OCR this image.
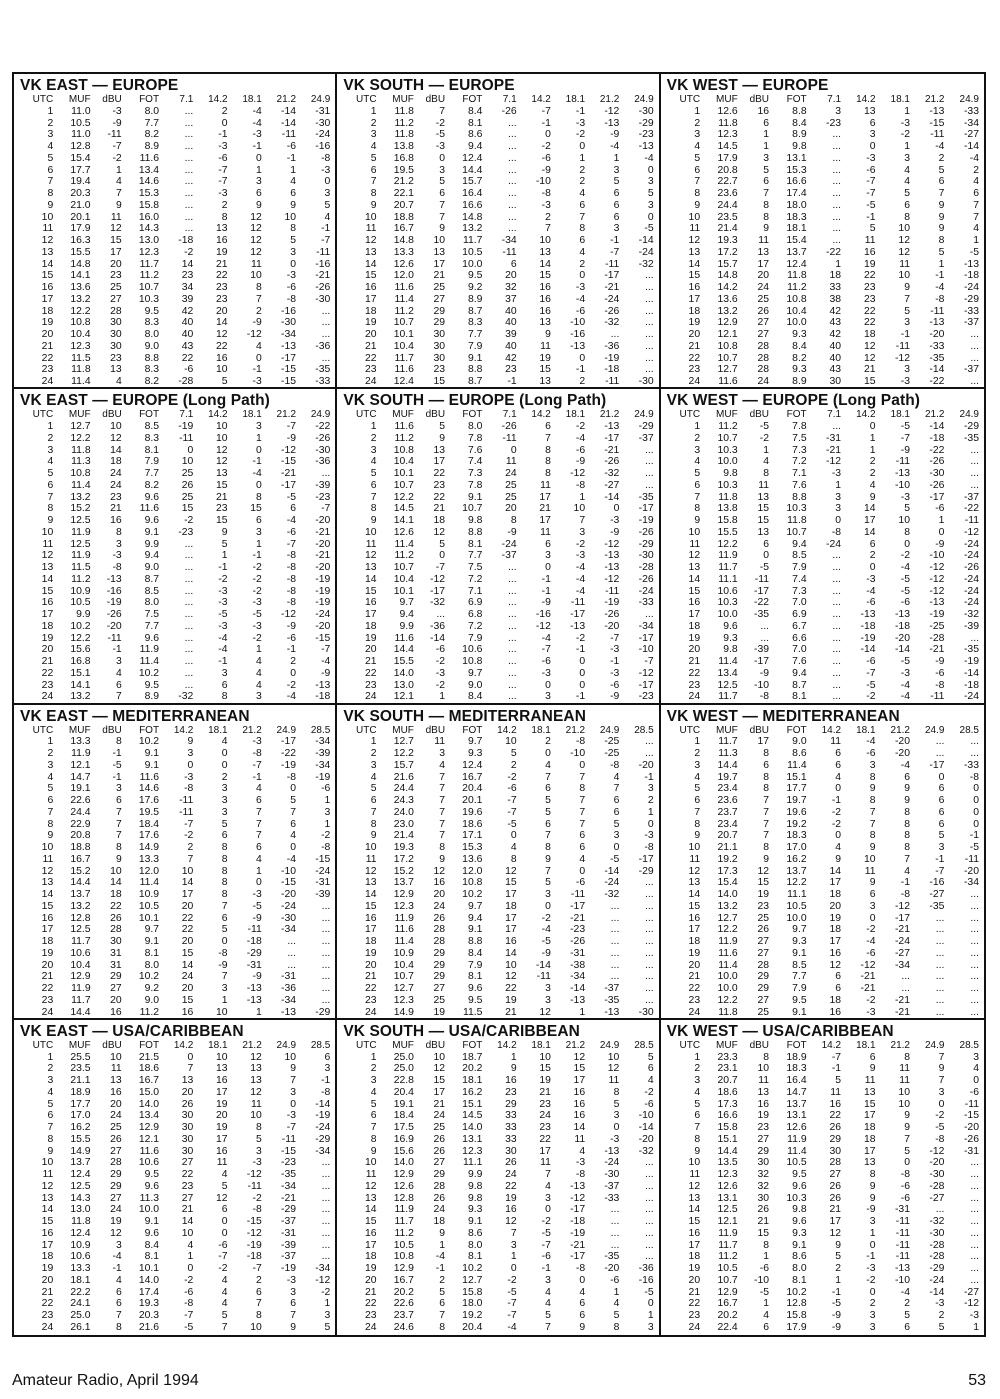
VK EAST — EUROPE
UTC	MUF	dBU	FOT	7.1	14.2	18.1	21.2	24.9
1	11.0	-3	8.0	...	2	-4	-14	-31
2	10.5	-9	7.7	...	0	-4	-14	-30
3	11.0	-11	8.2	...	-1	-3	-11	-24
4	12.8	-7	8.9	...	-3	-1	-6	-16
5	15.4	-2	11.6	...	-6	0	-1	-8
6	17.7	1	13.4	...	-7	1	1	-3
7	19.4	4	14.6	...	-7	3	4	0
8	20.3	7	15.3	...	-3	6	6	3
9	21.0	9	15.8	...	2	9	9	5
10	20.1	11	16.0	...	8	12	10	4
11	17.9	12	14.3	...	13	12	8	-1
12	16.3	15	13.0	-18	16	12	5	-7
13	15.5	17	12.3	-2	19	12	3	-11
14	14.8	20	11.7	14	21	11	0	-16
15	14.1	23	11.2	23	22	10	-3	-21
16	13.6	25	10.7	34	23	8	-6	-26
17	13.2	27	10.3	39	23	7	-8	-30
18	12.2	28	9.5	42	20	2	-16	...
19	10.8	30	8.3	40	14	-9	-30	...
20	10.4	30	8.0	40	12	-12	-34	...
21	12.3	30	9.0	43	22	4	-13	-36
22	11.5	23	8.8	22	16	0	-17	...
23	11.8	13	8.3	-6	10	-1	-15	-35
24	11.4	4	8.2	-28	5	-3	-15	-33
VK SOUTH — EUROPE
UTC	MUF	dBU	FOT	7.1	14.2	18.1	21.2	24.9
1	11.8	7	8.4	-26	-7	-1	-12	-30
2	11.2	-2	8.1	...	-1	-3	-13	-29
3	11.8	-5	8.6	...	0	-2	-9	-23
4	13.8	-3	9.4	...	-2	0	-4	-13
5	16.8	0	12.4	...	-6	1	1	-4
6	19.5	3	14.4	...	-9	2	3	0
7	21.2	5	15.7	...	-10	2	5	3
8	22.1	6	16.4	...	-8	4	6	5
9	20.7	7	16.6	...	-3	6	6	3
10	18.8	7	14.8	...	2	7	6	0
11	16.7	9	13.2	...	7	8	3	-5
12	14.8	10	11.7	-34	10	6	-1	-14
13	13.3	13	10.5	-11	13	4	-7	-24
14	12.6	17	10.0	6	14	2	-11	-32
15	12.0	21	9.5	20	15	0	-17	...
16	11.6	25	9.2	32	16	-3	-21	...
17	11.4	27	8.9	37	16	-4	-24	...
18	11.2	29	8.7	40	16	-6	-26	...
19	10.7	29	8.3	40	13	-10	-32	...
20	10.1	30	7.7	39	9	-16	...	...
21	10.4	30	7.9	40	11	-13	-36	...
22	11.7	30	9.1	42	19	0	-19	...
23	11.6	23	8.8	23	15	-1	-18	...
24	12.4	15	8.7	-1	13	2	-11	-30
VK WEST — EUROPE
UTC	MUF	dBU	FOT	7.1	14.2	18.1	21.2	24.9
1	12.6	16	8.8	3	13	1	-13	-33
2	11.8	6	8.4	-23	6	-3	-15	-34
3	12.3	1	8.9	...	3	-2	-11	-27
4	14.5	1	9.8	...	0	1	-4	-14
5	17.9	3	13.1	...	-3	3	2	-4
6	20.8	5	15.3	...	-6	4	5	2
7	22.7	6	16.6	...	-7	4	6	4
8	23.6	7	17.4	...	-7	5	7	6
9	24.4	8	18.0	...	-5	6	9	7
10	23.5	8	18.3	...	-1	8	9	7
11	21.4	9	18.1	...	5	10	9	4
12	19.3	11	15.4	...	11	12	8	1
13	17.2	13	13.7	-22	16	12	5	-5
14	15.7	17	12.4	1	19	11	1	-13
15	14.8	20	11.8	18	22	10	-1	-18
16	14.2	24	11.2	33	23	9	-4	-24
17	13.6	25	10.8	38	23	7	-8	-29
18	13.2	26	10.4	42	22	5	-11	-33
19	12.9	27	10.0	43	22	3	-13	-37
20	12.1	27	9.3	42	18	-1	-20	...
21	10.8	28	8.4	40	12	-11	-33	...
22	10.7	28	8.2	40	12	-12	-35	...
23	12.7	28	9.3	43	21	3	-14	-37
24	11.6	24	8.9	30	15	-3	-22	...
VK EAST — EUROPE (Long Path)
UTC	MUF	dBU	FOT	7.1	14.2	18.1	21.2	24.9
1	12.7	10	8.5	-19	10	3	-7	-22
2	12.2	12	8.3	-11	10	1	-9	-26
3	11.8	14	8.1	0	12	0	-12	-30
4	11.3	18	7.9	10	12	-1	-15	-36
5	10.8	24	7.7	25	13	-4	-21	...
6	11.4	24	8.2	26	15	0	-17	-39
7	13.2	23	9.6	25	21	8	-5	-23
8	15.2	21	11.6	15	23	15	6	-7
9	12.5	16	9.6	-2	15	6	-4	-20
10	11.9	8	9.1	-23	9	3	-6	-21
11	12.5	3	9.9	...	5	1	-7	-20
12	11.9	-3	9.4	...	1	-1	-8	-21
13	11.5	-8	9.0	...	-1	-2	-8	-20
14	11.2	-13	8.7	...	-2	-2	-8	-19
15	10.9	-16	8.5	...	-3	-2	-8	-19
16	10.5	-19	8.0	...	-3	-3	-8	-19
17	9.9	-26	7.5	...	-5	-5	-12	-24
18	10.2	-20	7.7	...	-3	-3	-9	-20
19	12.2	-11	9.6	...	-4	-2	-6	-15
20	15.6	-1	11.9	...	-4	1	-1	-7
21	16.8	3	11.4	...	-1	4	2	-4
22	15.1	4	10.2	...	3	4	0	-9
23	14.1	6	9.5	...	6	4	-2	-13
24	13.2	7	8.9	-32	8	3	-4	-18
VK SOUTH — EUROPE (Long Path)
UTC	MUF	dBU	FOT	7.1	14.2	18.1	21.2	24.9
1	11.6	5	8.0	-26	6	-2	-13	-29
2	11.2	9	7.8	-11	7	-4	-17	-37
3	10.8	13	7.6	0	8	-6	-21	...
4	10.4	17	7.4	11	8	-9	-26	...
5	10.1	22	7.3	24	8	-12	-32	...
6	10.7	23	7.8	25	11	-8	-27	...
7	12.2	22	9.1	25	17	1	-14	-35
8	14.5	21	10.7	20	21	10	0	-17
9	14.1	18	9.8	8	17	7	-3	-19
10	12.6	12	8.8	-9	11	3	-9	-26
11	11.4	5	8.1	-24	6	-2	-12	-29
12	11.2	0	7.7	-37	3	-3	-13	-30
13	10.7	-7	7.5	...	0	-4	-13	-28
14	10.4	-12	7.2	...	-1	-4	-12	-26
15	10.1	-17	7.1	...	-1	-4	-11	-24
16	9.7	-32	6.9	...	-9	-11	-19	-33
17	9.4	...	6.8	...	-16	-17	-26	...
18	9.9	-36	7.2	...	-12	-13	-20	-34
19	11.6	-14	7.9	...	-4	-2	-7	-17
20	14.4	-6	10.6	...	-7	-1	-3	-10
21	15.5	-2	10.8	...	-6	0	-1	-7
22	14.0	-3	9.7	...	-3	0	-3	-12
23	13.0	-2	9.0	...	0	0	-6	-17
24	12.1	1	8.4	...	3	-1	-9	-23
VK WEST — EUROPE (Long Path)
UTC	MUF	dBU	FOT	7.1	14.2	18.1	21.2	24.9
1	11.2	-5	7.8	...	0	-5	-14	-29
2	10.7	-2	7.5	-31	1	-7	-18	-35
3	10.3	1	7.3	-21	1	-9	-22	...
4	10.0	4	7.2	-12	2	-11	-26	...
5	9.8	8	7.1	-3	2	-13	-30	...
6	10.3	11	7.6	1	4	-10	-26	...
7	11.8	13	8.8	3	9	-3	-17	-37
8	13.8	15	10.3	3	14	5	-6	-22
9	15.8	15	11.8	0	17	10	1	-11
10	15.5	13	10.7	-8	14	8	0	-12
11	12.2	6	9.4	-24	6	0	-9	-24
12	11.9	0	8.5	...	2	-2	-10	-24
13	11.7	-5	7.9	...	0	-4	-12	-26
14	11.1	-11	7.4	...	-3	-5	-12	-24
15	10.6	-17	7.3	...	-4	-5	-12	-24
16	10.3	-22	7.0	...	-6	-6	-13	-24
17	10.0	-35	6.9	...	-13	-13	-19	-32
18	9.6	...	6.7	...	-18	-18	-25	-39
19	9.3	...	6.6	...	-19	-20	-28	...
20	9.8	-39	7.0	...	-14	-14	-21	-35
21	11.4	-17	7.6	...	-6	-5	-9	-19
22	13.4	-9	9.4	...	-7	-3	-6	-14
23	12.5	-10	8.7	...	-5	-4	-8	-18
24	11.7	-8	8.1	...	-2	-4	-11	-24
VK EAST — MEDITERRANEAN
UTC	MUF	dBU	FOT	14.2	18.1	21.2	24.9	28.5
1	13.3	8	10.2	9	4	-3	-17	-34
2	11.9	-1	9.1	3	0	-8	-22	-39
3	12.1	-5	9.1	0	0	-7	-19	-34
4	14.7	-1	11.6	-3	2	-1	-8	-19
5	19.1	3	14.6	-8	3	4	0	-6
6	22.6	6	17.6	-11	3	6	5	1
7	24.4	7	19.5	-11	3	7	7	3
8	22.9	7	18.4	-7	5	7	6	1
9	20.8	7	17.6	-2	6	7	4	-2
10	18.8	8	14.9	2	8	6	0	-8
11	16.7	9	13.3	7	8	4	-4	-15
12	15.2	10	12.0	10	8	1	-10	-24
13	14.4	14	11.4	14	8	0	-15	-31
14	13.7	18	10.9	17	8	-3	-20	-39
15	13.2	22	10.5	20	7	-5	-24	...
16	12.8	26	10.1	22	6	-9	-30	...
17	12.5	28	9.7	22	5	-11	-34	...
18	11.7	30	9.1	20	0	-18	...	...
19	10.6	31	8.1	15	-8	-29	...	...
20	10.4	31	8.0	14	-9	-31	...	...
21	12.9	29	10.2	24	7	-9	-31	...
22	11.9	27	9.2	20	3	-13	-36	...
23	11.7	20	9.0	15	1	-13	-34	...
24	14.4	16	11.2	16	10	1	-13	-29
VK SOUTH — MEDITERRANEAN
UTC	MUF	dBU	FOT	14.2	18.1	21.2	24.9	28.5
1	12.7	11	9.7	10	2	-8	-25	...
2	12.2	3	9.3	5	0	-10	-25	...
3	15.7	4	12.4	2	4	0	-8	-20
4	21.6	7	16.7	-2	7	7	4	-1
5	24.4	7	20.4	-6	6	8	7	3
6	24.3	7	20.1	-7	5	7	6	2
7	24.0	7	19.6	-7	5	7	6	1
8	23.0	7	18.6	-5	6	7	5	0
9	21.4	7	17.1	0	7	6	3	-3
10	19.3	8	15.3	4	8	6	0	-8
11	17.2	9	13.6	8	9	4	-5	-17
12	15.2	12	12.0	12	7	0	-14	-29
13	13.7	16	10.8	15	5	-6	-24	...
14	12.9	20	10.2	17	3	-11	-32	...
15	12.3	24	9.7	18	0	-17	...	...
16	11.9	26	9.4	17	-2	-21	...	...
17	11.6	28	9.1	17	-4	-23	...	...
18	11.4	28	8.8	16	-5	-26	...	...
19	10.9	29	8.4	14	-9	-31	...	...
20	10.4	29	7.9	10	-14	-38	...	...
21	10.7	29	8.1	12	-11	-34	...	...
22	12.7	27	9.6	22	3	-14	-37	...
23	12.3	25	9.5	19	3	-13	-35	...
24	14.9	19	11.5	21	12	1	-13	-30
VK WEST — MEDITERRANEAN
UTC	MUF	dBU	FOT	14.2	18.1	21.2	24.9	28.5
1	11.7	17	9.0	11	-4	-20	...	...
2	11.3	8	8.6	6	-6	-20	...	...
3	14.4	6	11.4	6	3	-4	-17	-33
4	19.7	8	15.1	4	8	6	0	-8
5	23.4	8	17.7	0	9	9	6	0
6	23.6	7	19.7	-1	8	9	6	0
7	23.7	7	19.6	-2	7	8	6	0
8	23.4	7	19.2	-2	7	8	6	0
9	20.7	7	18.3	0	8	8	5	-1
10	21.1	8	17.0	4	9	8	3	-5
11	19.2	9	16.2	9	10	7	-1	-11
12	17.3	12	13.7	14	11	4	-7	-20
13	15.4	15	12.2	17	9	-1	-16	-34
14	14.0	19	11.1	18	6	-8	-27	...
15	13.2	23	10.5	20	3	-12	-35	...
16	12.7	25	10.0	19	0	-17	...	...
17	12.2	26	9.7	18	-2	-21	...	...
18	11.9	27	9.3	17	-4	-24	...	...
19	11.6	27	9.1	16	-6	-27	...	...
20	11.4	28	8.5	12	-12	-34	...	...
21	10.0	29	7.7	6	-21	...	...	...
22	10.0	29	7.9	6	-21	...	...	...
23	12.2	27	9.5	18	-2	-21	...	...
24	11.8	25	9.1	16	-3	-21	...	...
VK EAST — USA/CARIBBEAN
UTC	MUF	dBU	FOT	14.2	18.1	21.2	24.9	28.5
1	25.5	10	21.5	0	10	12	10	6
2	23.5	11	18.6	7	13	13	9	3
3	21.1	13	16.7	13	16	13	7	-1
4	18.9	16	15.0	20	17	12	3	-8
5	17.7	20	14.0	26	19	11	0	-14
6	17.0	24	13.4	30	20	10	-3	-19
7	16.2	25	12.9	30	19	8	-7	-24
8	15.5	26	12.1	30	17	5	-11	-29
9	14.9	27	11.6	30	16	3	-15	-34
10	13.7	28	10.6	27	11	-3	-23	...
11	12.4	29	9.5	22	4	-12	-35	...
12	12.5	29	9.6	23	5	-11	-34	...
13	14.3	27	11.3	27	12	-2	-21	...
14	13.0	24	10.0	21	6	-8	-29	...
15	11.8	19	9.1	14	0	-15	-37	...
16	12.4	12	9.6	10	0	-12	-31	...
17	10.9	3	8.4	4	-6	-19	-39	...
18	10.6	-4	8.1	1	-7	-18	-37	...
19	13.3	-1	10.1	0	-2	-7	-19	-34
20	18.1	4	14.0	-2	4	2	-3	-12
21	22.2	6	17.4	-6	4	6	3	-2
22	24.1	6	19.3	-8	4	7	6	1
23	25.0	7	20.3	-7	5	8	7	3
24	26.1	8	21.6	-5	7	10	9	5
VK SOUTH — USA/CARIBBEAN
UTC	MUF	dBU	FOT	14.2	18.1	21.2	24.9	28.5
1	25.0	10	18.7	1	10	12	10	5
2	25.0	12	20.2	9	15	15	12	6
3	22.8	15	18.1	16	19	17	11	4
4	20.4	17	16.2	23	21	16	8	-2
5	19.1	21	15.1	29	23	16	5	-6
6	18.4	24	14.5	33	24	16	3	-10
7	17.5	25	14.0	33	23	14	0	-14
8	16.9	26	13.1	33	22	11	-3	-20
9	15.6	26	12.3	30	17	4	-13	-32
10	14.0	27	11.1	26	11	-3	-24	...
11	12.9	29	9.9	24	7	-8	-30	...
12	12.6	28	9.8	22	4	-13	-37	...
13	12.8	26	9.8	19	3	-12	-33	...
14	11.9	24	9.3	16	0	-17	...	...
15	11.7	18	9.1	12	-2	-18	...	...
16	11.2	9	8.6	7	-5	-19	...	...
17	10.5	1	8.0	3	-7	-21	...	...
18	10.8	-4	8.1	1	-6	-17	-35	...
19	12.9	-1	10.2	0	-1	-8	-20	-36
20	16.7	2	12.7	-2	3	0	-6	-16
21	20.2	5	15.8	-5	4	4	1	-5
22	22.6	6	18.0	-7	4	6	4	0
23	23.7	7	19.2	-7	5	6	5	1
24	24.6	8	20.4	-4	7	9	8	3
VK WEST — USA/CARIBBEAN
UTC	MUF	dBU	FOT	14.2	18.1	21.2	24.9	28.5
1	23.3	8	18.9	-7	6	8	7	3
2	23.1	10	18.3	-1	9	11	9	4
3	20.7	11	16.4	5	11	11	7	0
4	18.6	13	14.7	11	13	10	3	-6
5	17.3	16	13.7	16	15	10	0	-11
6	16.6	19	13.1	22	17	9	-2	-15
7	15.8	23	12.6	26	18	9	-5	-20
8	15.1	27	11.9	29	18	7	-8	-26
9	14.4	29	11.4	30	17	5	-12	-31
10	13.5	30	10.5	28	13	0	-20	...
11	12.3	32	9.5	27	8	-8	-30	...
12	12.6	32	9.6	26	9	-6	-28	...
13	13.1	30	10.3	26	9	-6	-27	...
14	12.5	26	9.8	21	-9	-31	...	...
15	12.1	21	9.6	17	3	-11	-32	...
16	11.9	15	9.3	12	1	-11	-30	...
17	11.7	8	9.1	9	0	-11	-28	...
18	11.2	1	8.6	5	-1	-11	-28	...
19	10.5	-6	8.0	2	-3	-13	-29	...
20	10.7	-10	8.1	1	-2	-10	-24	...
21	12.9	-5	10.2	-1	0	-4	-14	-27
22	16.7	1	12.8	-5	2	2	-3	-12
23	20.2	4	15.8	-9	3	5	2	-3
24	22.4	6	17.9	-9	3	6	5	1
Amateur Radio, April 1994	53
